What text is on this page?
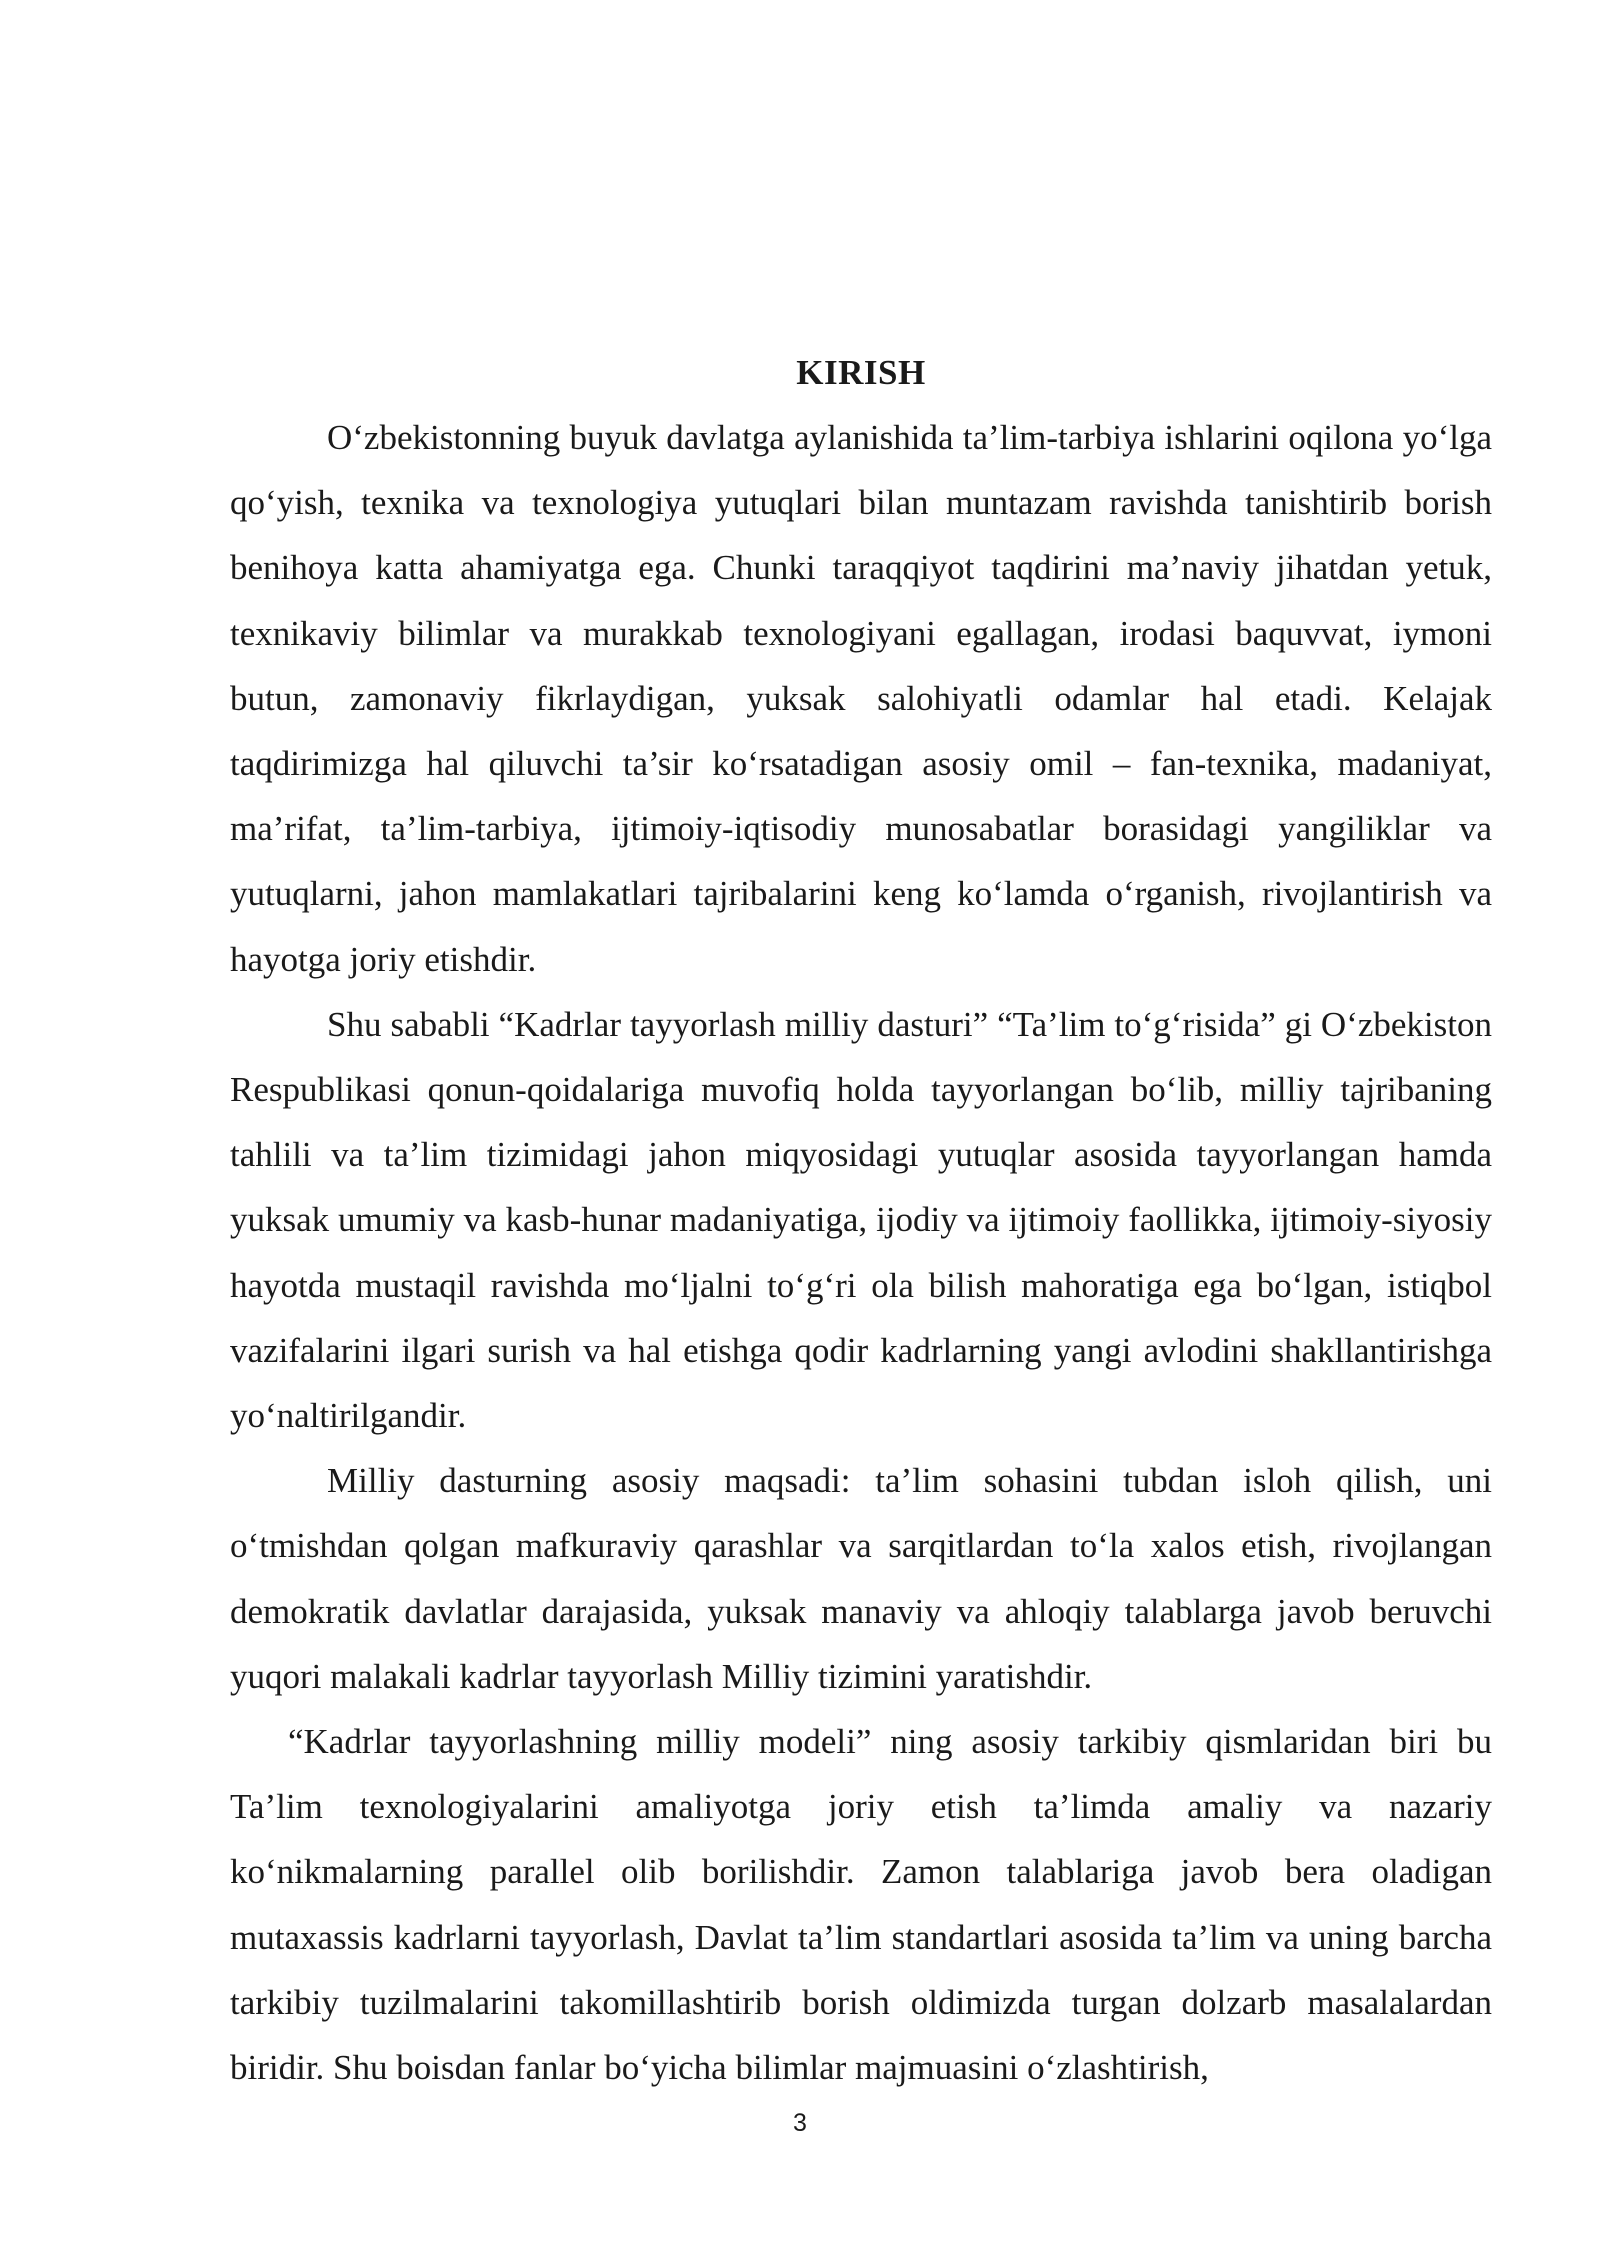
KIRISH

O‘zbekistonning buyuk davlatga aylanishida ta’lim-tarbiya ishlarini oqilona yo‘lga qo‘yish, texnika va texnologiya yutuqlari bilan muntazam ravishda tanishtirib borish benihoya katta ahamiyatga ega. Chunki taraqqiyot taqdirini ma’naviy jihatdan yetuk, texnikaviy bilimlar va murakkab texnologiyani egallagan, irodasi baquvvat, iymoni butun, zamonaviy fikrlaydigan, yuksak salohiyatli odamlar hal etadi. Kelajak taqdirimizga hal qiluvchi ta’sir ko‘rsatadigan asosiy omil – fan-texnika, madaniyat, ma’rifat, ta’lim-tarbiya, ijtimoiy-iqtisodiy munosabatlar borasidagi yangiliklar va yutuqlarni, jahon mamlakatlari tajribalarini keng ko‘lamda o‘rganish, rivojlantirish va hayotga joriy etishdir.

Shu sababli “Kadrlar tayyorlash milliy dasturi” “Ta’lim to‘g‘risida” gi O‘zbekiston Respublikasi qonun-qoidalariga muvofiq holda tayyorlangan bo‘lib, milliy tajribaning tahlili va ta’lim tizimidagi jahon miqyosidagi yutuqlar asosida tayyorlangan hamda yuksak umumiy va kasb-hunar madaniyatiga, ijodiy va ijtimoiy faollikka, ijtimoiy-siyosiy hayotda mustaqil ravishda mo‘ljalni to‘g‘ri ola bilish mahoratiga ega bo‘lgan, istiqbol vazifalarini ilgari surish va hal etishga qodir kadrlarning yangi avlodini shakllantirishga yo‘naltirilgandir.

Milliy dasturning asosiy maqsadi: ta’lim sohasini tubdan isloh qilish, uni o‘tmishdan qolgan mafkuraviy qarashlar va sarqitlardan to‘la xalos etish, rivojlangan demokratik davlatlar darajasida, yuksak manaviy va ahloqiy talablarga javob beruvchi yuqori malakali kadrlar tayyorlash Milliy tizimini yaratishdir.

“Kadrlar tayyorlashning milliy modeli” ning asosiy tarkibiy qismlaridan biri bu Ta’lim texnologiyalarini amaliyotga joriy etish ta’limda amaliy va nazariy ko‘nikmalarning parallel olib borilishdir. Zamon talablariga javob bera oladigan mutaxassis kadrlarni tayyorlash, Davlat ta’lim standartlari asosida ta’lim va uning barcha tarkibiy tuzilmalarini takomillashtirib borish oldimizda turgan dolzarb masalalardan biridir. Shu boisdan fanlar bo‘yicha bilimlar majmuasini o‘zlashtirish,

3
